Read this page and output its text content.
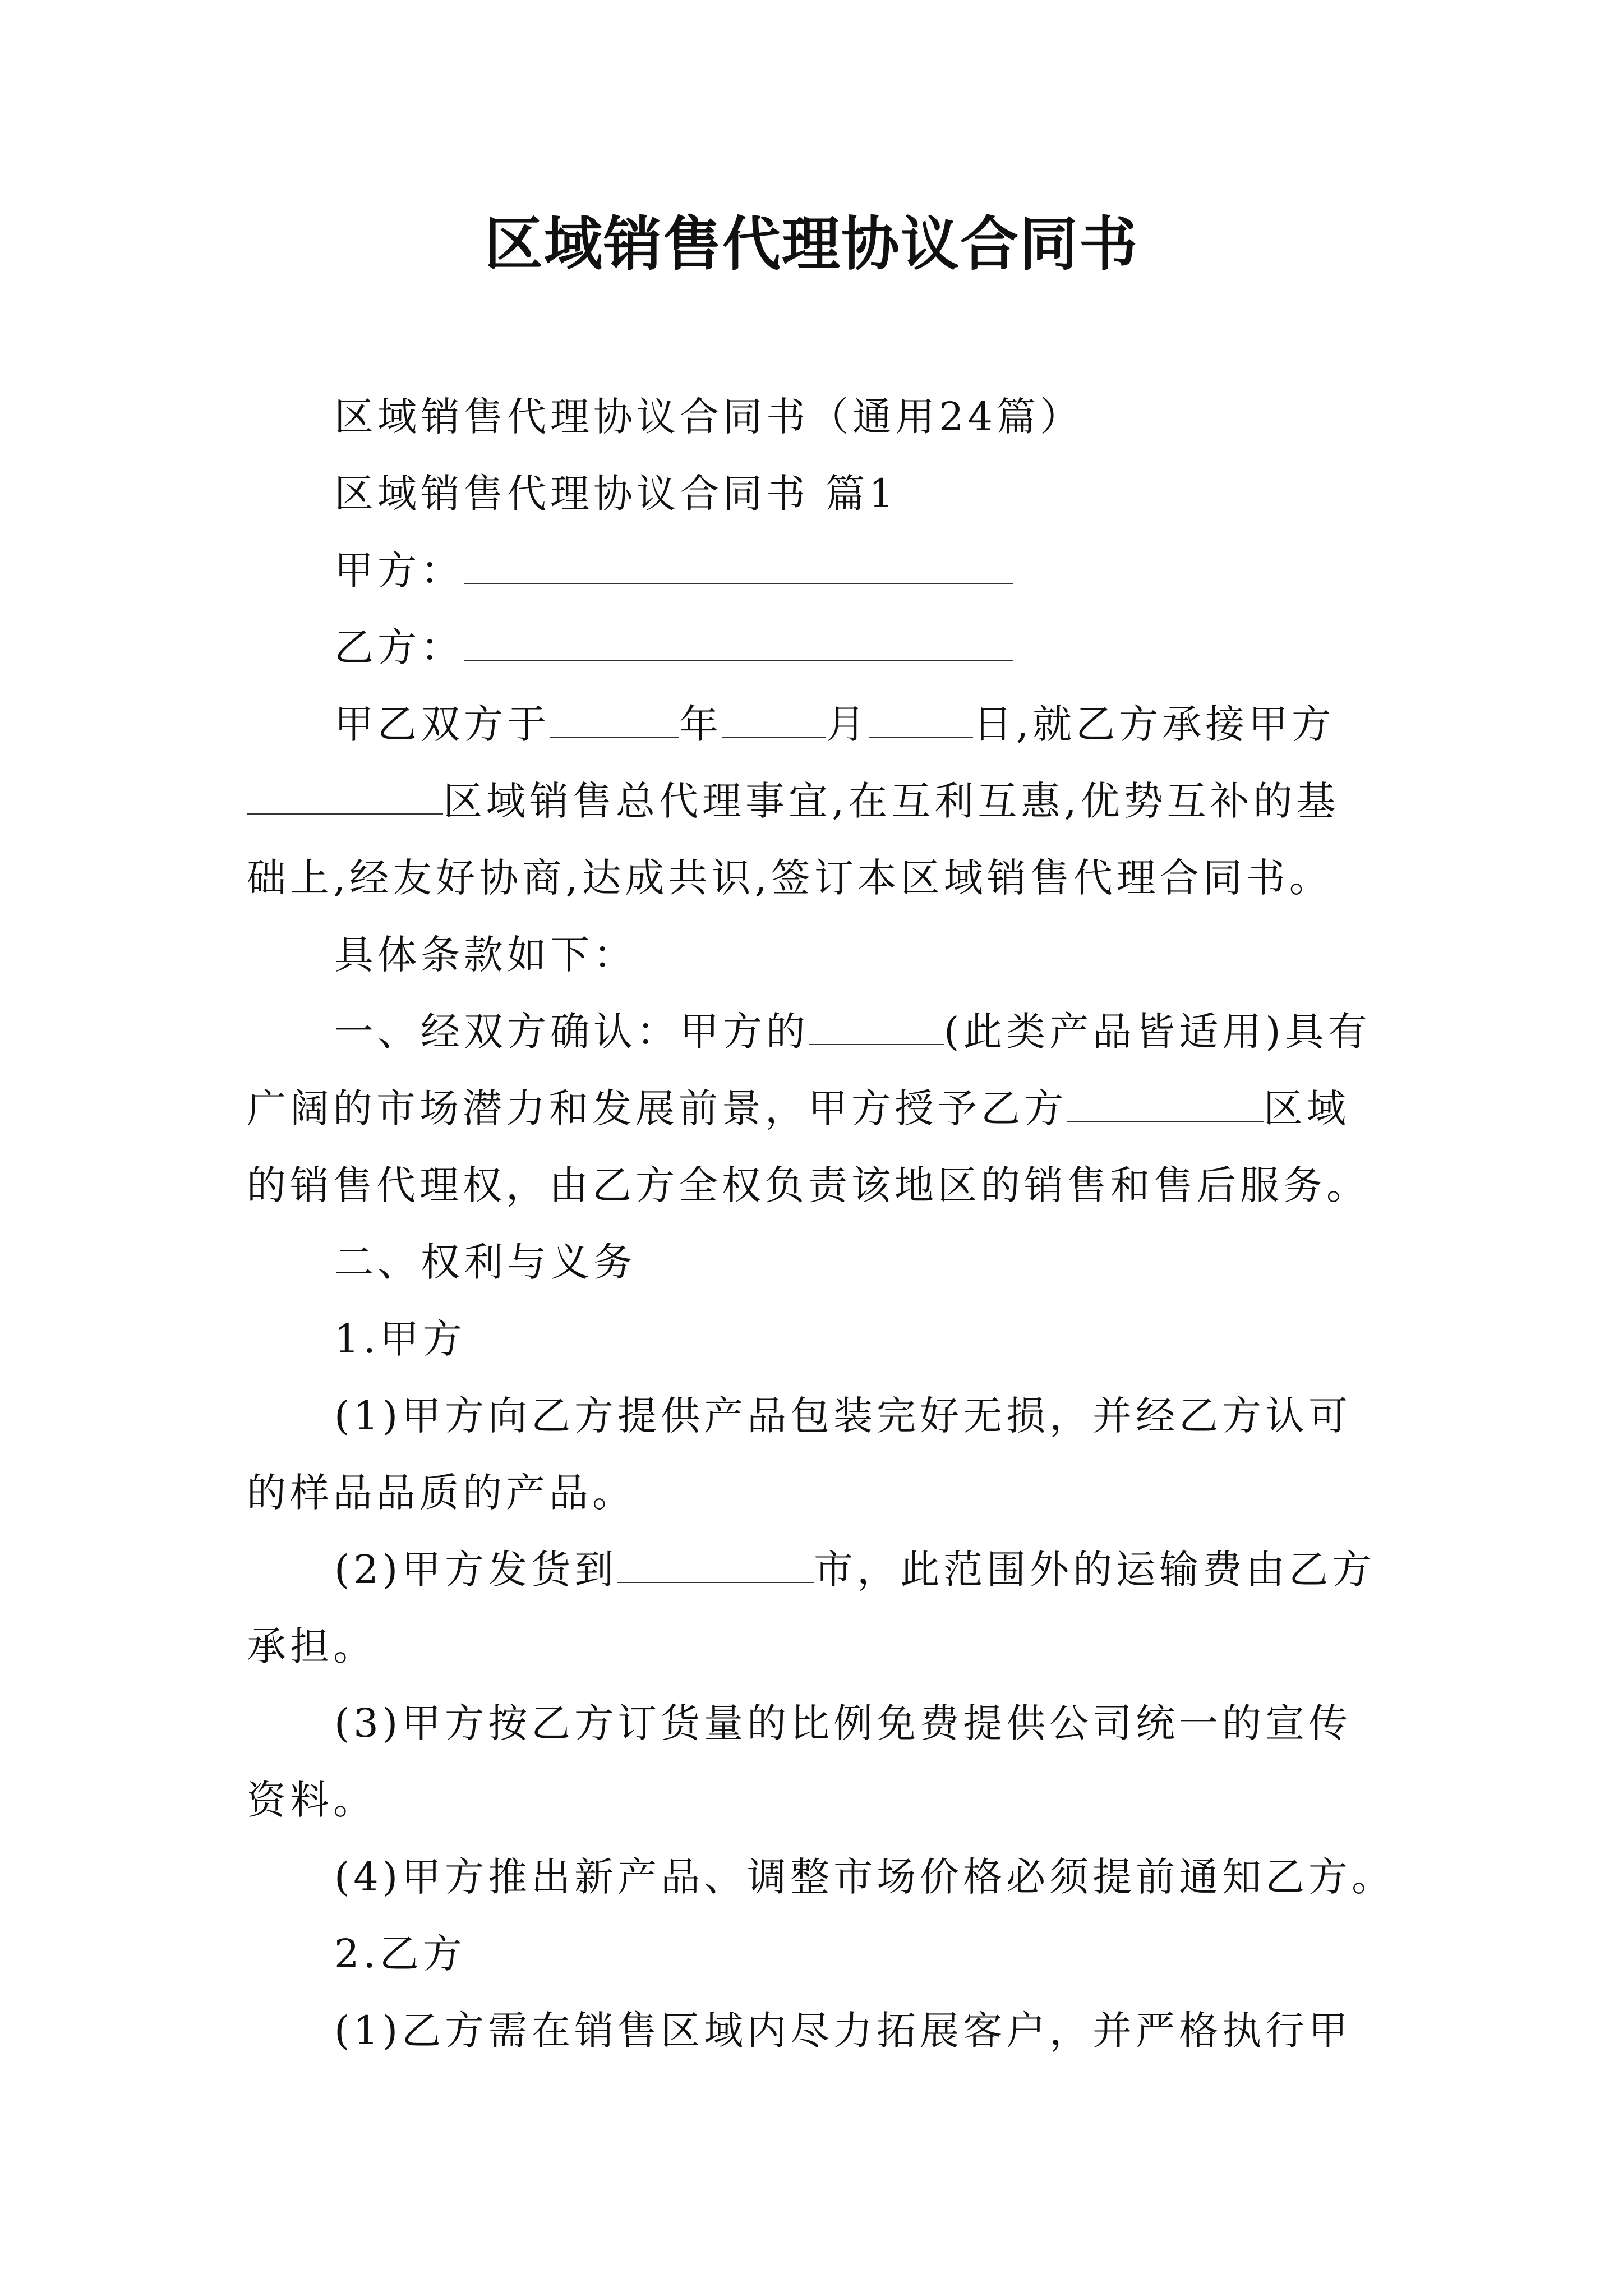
区域销售代理协议合同书
区域销售代理协议合同书（通用24篇）
区域销售代理协议合同书 篇1
甲方：
乙方：
甲乙双方于	年	月	日,就乙方承接甲方
区域销售总代理事宜,在互利互惠,优势互补的基
础上,经友好协商,达成共识,签订本区域销售代理合同书。
具体条款如下：
一、经双方确认：甲方的	(此类产品皆适用)具有
广阔的市场潜力和发展前景，甲方授予乙方	区域
的销售代理权，由乙方全权负责该地区的销售和售后服务。
二、权利与义务
1.甲方
(1)甲方向乙方提供产品包装完好无损，并经乙方认可
的样品品质的产品。
(2)甲方发货到	市，此范围外的运输费由乙方
承担。
(3)甲方按乙方订货量的比例免费提供公司统一的宣传
资料。
(4)甲方推出新产品、调整市场价格必须提前通知乙方。
2.乙方
(1)乙方需在销售区域内尽力拓展客户，并严格执行甲
